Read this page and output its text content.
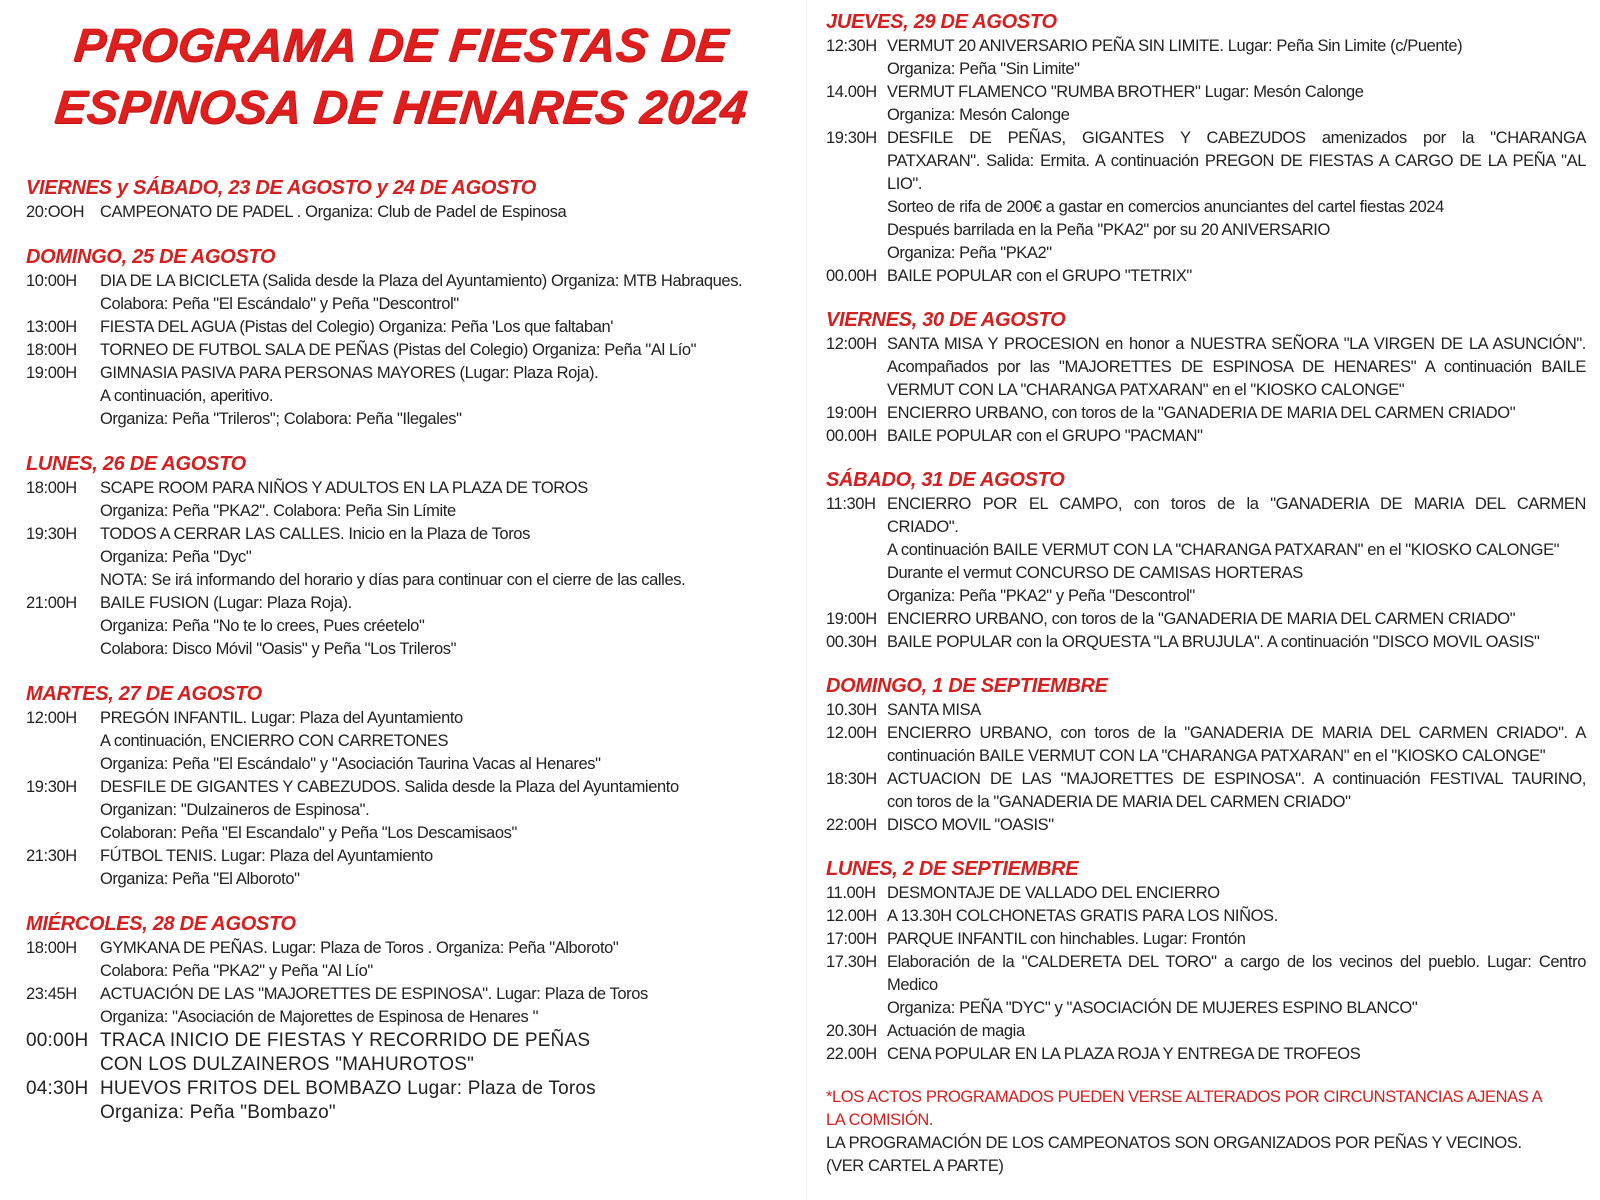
PROGRAMA DE FIESTAS DE
ESPINOSA DE HENARES 2024
VIERNES y SÁBADO, 23 DE AGOSTO y 24 DE AGOSTO
20:OOH CAMPEONATO DE PADEL . Organiza: Club de Padel de Espinosa
DOMINGO, 25 DE AGOSTO
10:00H	DIA DE LA BICICLETA (Salida desde la Plaza del Ayuntamiento) Organiza: MTB Habraques.
Colabora: Peña "El Escándalo" y Peña "Descontrol"
13:00H	FIESTA DEL AGUA (Pistas del Colegio) Organiza: Peña 'Los que faltaban'
18:00H	TORNEO DE FUTBOL SALA DE PEÑAS (Pistas del Colegio) Organiza: Peña "Al Lío"
19:00H	GIMNASIA PASIVA PARA PERSONAS MAYORES (Lugar: Plaza Roja).
A continuación, aperitivo.
Organiza: Peña "Trileros"; Colabora: Peña "Ilegales"
LUNES, 26 DE AGOSTO
18:00H	SCAPE ROOM PARA NIÑOS Y ADULTOS EN LA PLAZA DE TOROS
Organiza: Peña "PKA2". Colabora: Peña Sin Límite
19:30H	TODOS A CERRAR LAS CALLES. Inicio en la Plaza de Toros
Organiza: Peña "Dyc"
NOTA: Se irá informando del horario y días para continuar con el cierre de las calles.
21:00H	BAILE FUSION (Lugar: Plaza Roja).
Organiza: Peña "No te lo crees, Pues créetelo"
Colabora: Disco Móvil "Oasis" y Peña "Los Trileros"
MARTES, 27 DE AGOSTO
12:00H	PREGÓN INFANTIL. Lugar: Plaza del Ayuntamiento
A continuación, ENCIERRO CON CARRETONES
Organiza: Peña "El Escándalo" y "Asociación Taurina Vacas al Henares"
19:30H	DESFILE DE GIGANTES Y CABEZUDOS. Salida desde la Plaza del Ayuntamiento
Organizan: "Dulzaineros de Espinosa".
Colaboran: Peña "El Escandalo" y Peña "Los Descamisaos"
21:30H	FÚTBOL TENIS. Lugar: Plaza del Ayuntamiento
Organiza: Peña "El Alboroto"
MIÉRCOLES, 28 DE AGOSTO
18:00H	GYMKANA DE PEÑAS. Lugar: Plaza de Toros . Organiza: Peña "Alboroto"
Colabora: Peña "PKA2" y Peña "Al Lío"
23:45H	ACTUACIÓN DE LAS "MAJORETTES DE ESPINOSA". Lugar: Plaza de Toros
Organiza: "Asociación de Majorettes de Espinosa de Henares "
00:00H TRACA INICIO DE FIESTAS Y RECORRIDO DE PEÑAS
CON LOS DULZAINEROS "MAHUROTOS"
04:30H HUEVOS FRITOS DEL BOMBAZO Lugar: Plaza de Toros
Organiza: Peña "Bombazo"
JUEVES, 29 DE AGOSTO
12:30H VERMUT 20 ANIVERSARIO PEÑA SIN LIMITE. Lugar: Peña Sin Limite (c/Puente)
Organiza: Peña "Sin Limite"
14.00H VERMUT FLAMENCO "RUMBA BROTHER" Lugar: Mesón Calonge
Organiza: Mesón Calonge
19:30H DESFILE DE PEÑAS, GIGANTES Y CABEZUDOS amenizados por la "CHARANGA
PATXARAN". Salida: Ermita. A continuación PREGON DE FIESTAS A CARGO DE LA PEÑA "AL
LIO".
Sorteo de rifa de 200€ a gastar en comercios anunciantes del cartel fiestas 2024
Después barrilada en la Peña "PKA2" por su 20 ANIVERSARIO
Organiza: Peña "PKA2"
00.00H BAILE POPULAR con el GRUPO "TETRIX"
VIERNES, 30 DE AGOSTO
12:00H SANTA MISA Y PROCESION en honor a NUESTRA SEÑORA "LA VIRGEN DE LA ASUNCIÓN".
Acompañados por las "MAJORETTES DE ESPINOSA DE HENARES" A continuación BAILE
VERMUT CON LA "CHARANGA PATXARAN" en el "KIOSKO CALONGE"
19:00H ENCIERRO URBANO, con toros de la "GANADERIA DE MARIA DEL CARMEN CRIADO"
00.00H BAILE POPULAR con el GRUPO "PACMAN"
SÁBADO, 31 DE AGOSTO
11:30H ENCIERRO POR EL CAMPO, con toros de la "GANADERIA DE MARIA DEL CARMEN
CRIADO".
A continuación BAILE VERMUT CON LA "CHARANGA PATXARAN" en el "KIOSKO CALONGE"
Durante el vermut CONCURSO DE CAMISAS HORTERAS
Organiza: Peña "PKA2" y Peña "Descontrol"
19:00H ENCIERRO URBANO, con toros de la "GANADERIA DE MARIA DEL CARMEN CRIADO"
00.30H BAILE POPULAR con la ORQUESTA "LA BRUJULA". A continuación "DISCO MOVIL OASIS"
DOMINGO, 1 DE SEPTIEMBRE
10.30H SANTA MISA
12.00H ENCIERRO URBANO, con toros de la "GANADERIA DE MARIA DEL CARMEN CRIADO". A
continuación BAILE VERMUT CON LA "CHARANGA PATXARAN" en el "KIOSKO CALONGE"
18:30H ACTUACION DE LAS "MAJORETTES DE ESPINOSA". A continuación FESTIVAL TAURINO,
con toros de la "GANADERIA DE MARIA DEL CARMEN CRIADO"
22:00H DISCO MOVIL "OASIS"
LUNES, 2 DE SEPTIEMBRE
11.00H DESMONTAJE DE VALLADO DEL ENCIERRO
12.00H A 13.30H COLCHONETAS GRATIS PARA LOS NIÑOS.
17:00H PARQUE INFANTIL con hinchables. Lugar: Frontón
17.30H Elaboración de la "CALDERETA DEL TORO" a cargo de los vecinos del pueblo. Lugar: Centro
Medico
Organiza: PEÑA "DYC" y "ASOCIACIÓN DE MUJERES ESPINO BLANCO"
20.30H Actuación de magia
22.00H CENA POPULAR EN LA PLAZA ROJA Y ENTREGA DE TROFEOS
*LOS ACTOS PROGRAMADOS PUEDEN VERSE ALTERADOS POR CIRCUNSTANCIAS AJENAS A
LA COMISIÓN.
LA PROGRAMACIÓN DE LOS CAMPEONATOS SON ORGANIZADOS POR PEÑAS Y VECINOS.
(VER CARTEL A PARTE)
